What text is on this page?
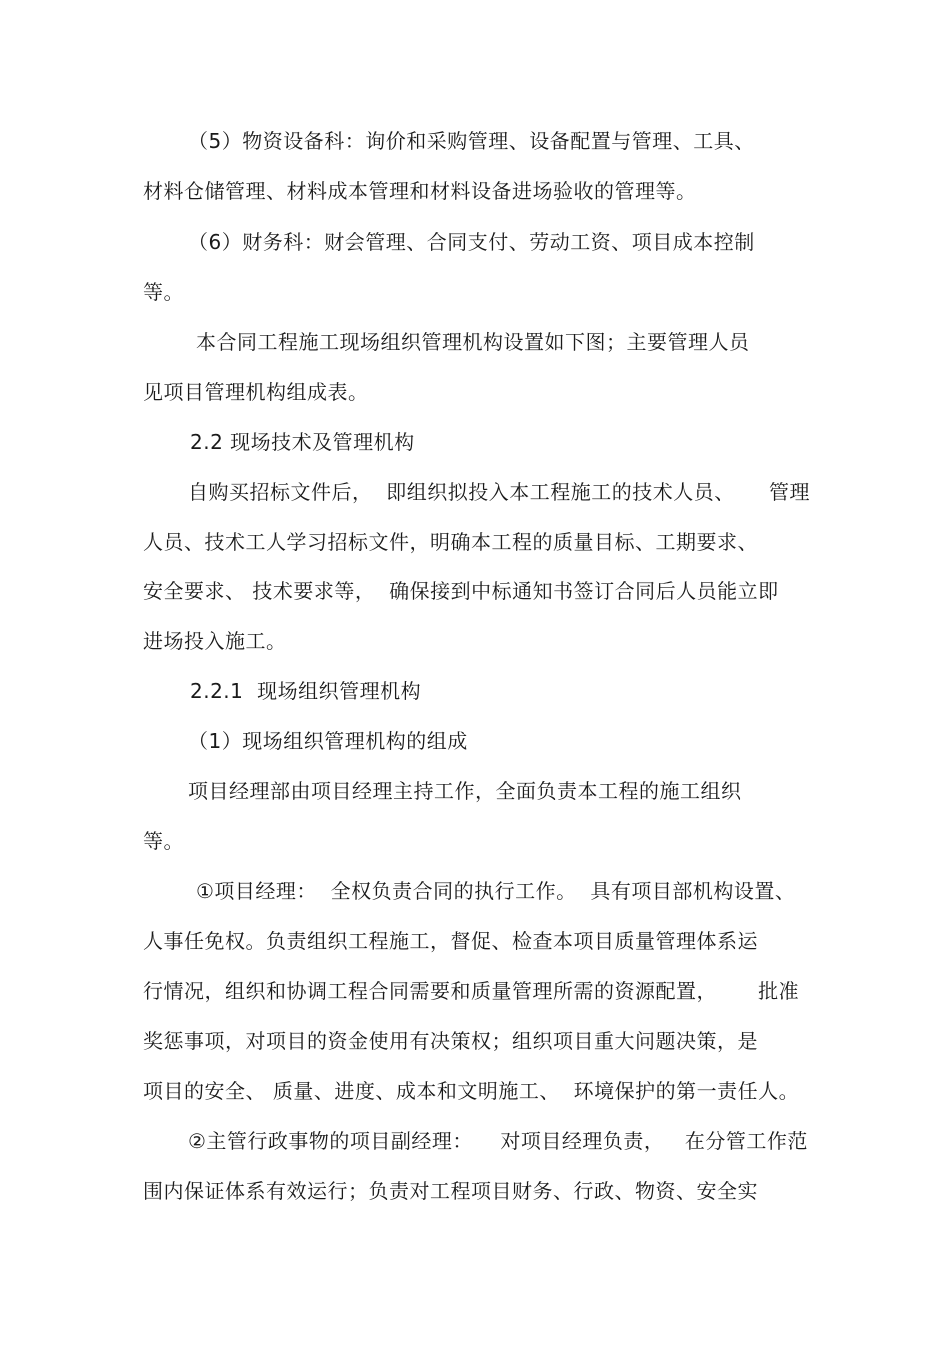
（5）物资设备科：询价和采购管理、设备配置与管理、工具、
材料仓储管理、材料成本管理和材料设备进场验收的管理等。
（6）财务科：财会管理、合同支付、劳动工资、项目成本控制
等。
本合同工程施工现场组织管理机构设置如下图；主要管理人员
见项目管理机构组成表。
2.2 现场技术及管理机构
自购买招标文件后，  即组织拟投入本工程施工的技术人员、     管理
人员、技术工人学习招标文件，明确本工程的质量目标、工期要求、
安全要求、 技术要求等，  确保接到中标通知书签订合同后人员能立即
进场投入施工。
2.2.1  现场组织管理机构
（1）现场组织管理机构的组成
项目经理部由项目经理主持工作，全面负责本工程的施工组织
等。
①项目经理：  全权负责合同的执行工作。  具有项目部机构设置、
人事任免权。负责组织工程施工，督促、检查本项目质量管理体系运
行情况，组织和协调工程合同需要和质量管理所需的资源配置，      批准
奖惩事项，对项目的资金使用有决策权；组织项目重大问题决策，是
项目的安全、 质量、进度、成本和文明施工、  环境保护的第一责任人。
②主管行政事物的项目副经理：    对项目经理负责，   在分管工作范
围内保证体系有效运行；负责对工程项目财务、行政、物资、安全实
